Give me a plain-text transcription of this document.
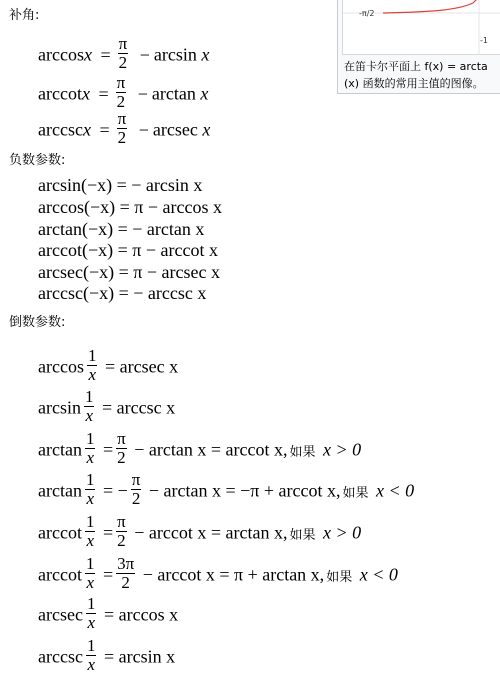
-π/2
-1
在笛卡尔平面上 f(x) = arcta
(x) 函数的常用主值的图像。
补角:
$\arccos x = \frac{\pi}{2} - \arcsin x$
$arccotx = \frac{\pi}{2} - \arctan x$
$arccscx = \frac{\pi}{2} - arcsec$ x
负数参数:
arcsin(−x) = − arcsin x
arccos(−x) = π − arccos x
arctan(−x) = − arctan x
arccot(−x) = π − arccot x
arcsec(−x) = π − arcsec x
arccsc(−x) = − arccsc x
倒数参数:
$\arccos \frac{1}{x} = arcsec$ x
$\arcsin \frac{1}{x} = arccsc$ x
$\arctan \frac{1}{x} = \frac{\pi}{2} - \arctan x = arccot$ x, 如果 x > 0
$\arctan \frac{1}{x}$ = − $\frac{\pi}{2} - \arctan x = -\pi + arccot$ x, 如果 x < 0
arccot $\frac{1}{x} = \frac{\pi}{2} - arccot$ x = arctan x, 如果 x > 0
arccot $\frac{1}{x} = \frac{3\pi}{2} - arccot$ x = π + arctan x, 如果 x < 0
arcsec $\frac{1}{x} = \arccos x$
arccsc $\frac{1}{x} = \arcsin x$
